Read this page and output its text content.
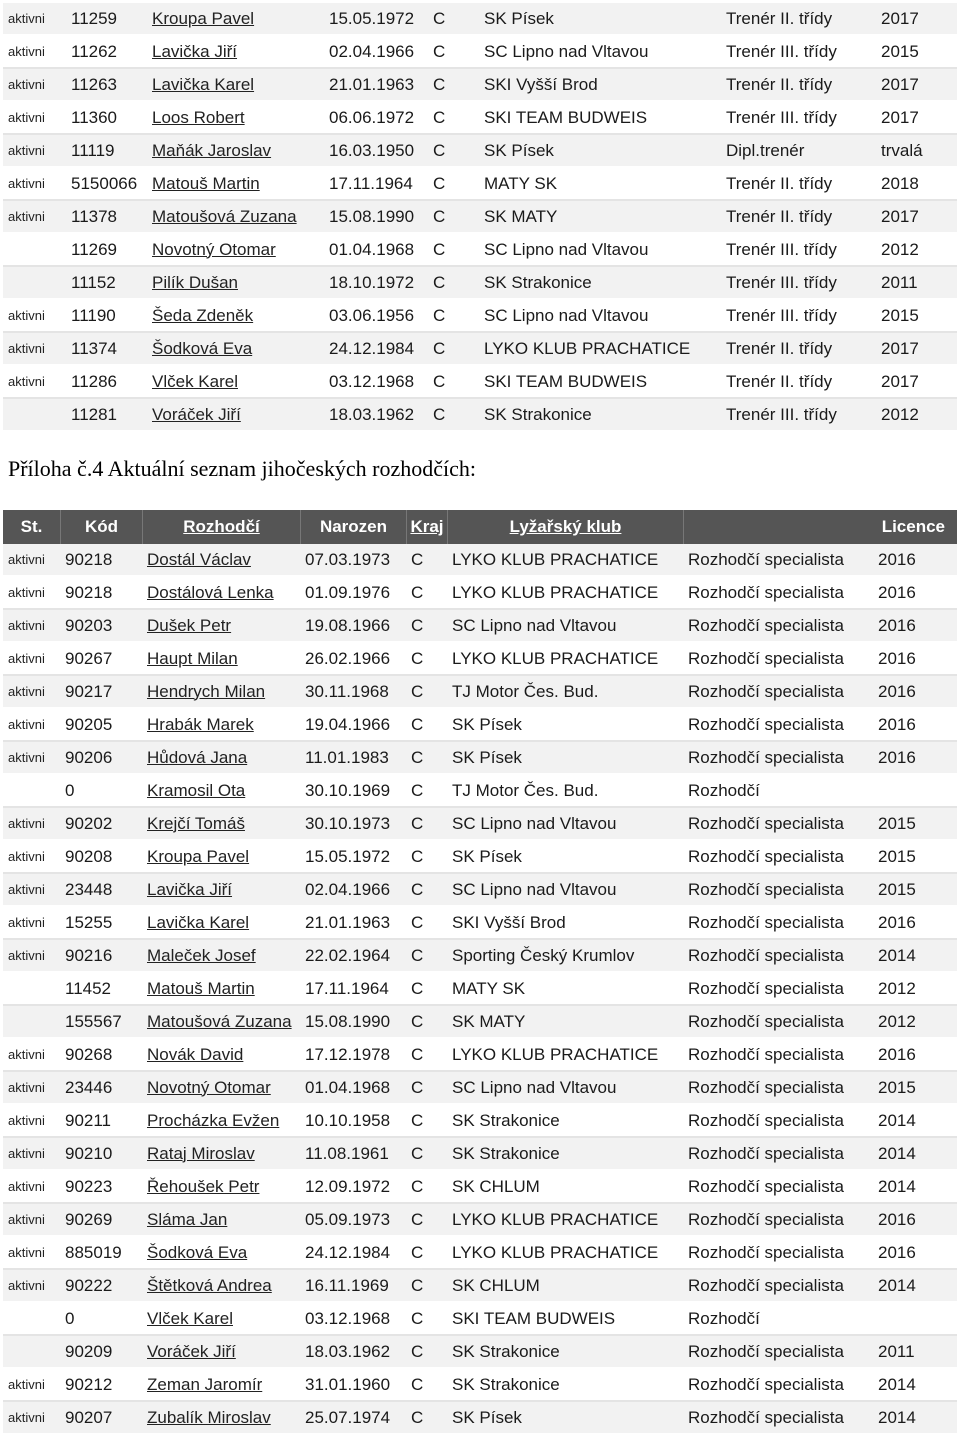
aktivni	11259	Kroupa Pavel	15.05.1972	C	SK Písek	Trenér II. třídy	2017
aktivni	11262	Lavička Jiří	02.04.1966	C	SC Lipno nad Vltavou	Trenér III. třídy	2015
aktivni	11263	Lavička Karel	21.01.1963	C	SKI Vyšší Brod	Trenér II. třídy	2017
aktivni	11360	Loos Robert	06.06.1972	C	SKI TEAM BUDWEIS	Trenér III. třídy	2017
aktivni	11119	Maňák Jaroslav	16.03.1950	C	SK Písek	Dipl.trenér	trvalá
aktivni	5150066	Matouš Martin	17.11.1964	C	MATY SK	Trenér II. třídy	2018
aktivni	11378	Matoušová Zuzana	15.08.1990	C	SK MATY	Trenér II. třídy	2017
	11269	Novotný Otomar	01.04.1968	C	SC Lipno nad Vltavou	Trenér III. třídy	2012
	11152	Pilík Dušan	18.10.1972	C	SK Strakonice	Trenér III. třídy	2011
aktivni	11190	Šeda Zdeněk	03.06.1956	C	SC Lipno nad Vltavou	Trenér III. třídy	2015
aktivni	11374	Šodková Eva	24.12.1984	C	LYKO KLUB PRACHATICE	Trenér II. třídy	2017
aktivni	11286	Vlček Karel	03.12.1968	C	SKI TEAM BUDWEIS	Trenér II. třídy	2017
	11281	Voráček Jiří	18.03.1962	C	SK Strakonice	Trenér III. třídy	2012
Příloha č.4 Aktuální seznam jihočeských rozhodčích:
St.	Kód	Rozhodčí	Narozen	Kraj	Lyžařský klub	Licence	
aktivni	90218	Dostál Václav	07.03.1973	C	LYKO KLUB PRACHATICE	Rozhodčí specialista	2016
aktivni	90218	Dostálová Lenka	01.09.1976	C	LYKO KLUB PRACHATICE	Rozhodčí specialista	2016
aktivni	90203	Dušek Petr	19.08.1966	C	SC Lipno nad Vltavou	Rozhodčí specialista	2016
aktivni	90267	Haupt Milan	26.02.1966	C	LYKO KLUB PRACHATICE	Rozhodčí specialista	2016
aktivni	90217	Hendrych Milan	30.11.1968	C	TJ Motor Čes. Bud.	Rozhodčí specialista	2016
aktivni	90205	Hrabák Marek	19.04.1966	C	SK Písek	Rozhodčí specialista	2016
aktivni	90206	Hůdová Jana	11.01.1983	C	SK Písek	Rozhodčí specialista	2016
	0	Kramosil Ota	30.10.1969	C	TJ Motor Čes. Bud.	Rozhodčí	
aktivni	90202	Krejčí Tomáš	30.10.1973	C	SC Lipno nad Vltavou	Rozhodčí specialista	2015
aktivni	90208	Kroupa Pavel	15.05.1972	C	SK Písek	Rozhodčí specialista	2015
aktivni	23448	Lavička Jiří	02.04.1966	C	SC Lipno nad Vltavou	Rozhodčí specialista	2015
aktivni	15255	Lavička Karel	21.01.1963	C	SKI Vyšší Brod	Rozhodčí specialista	2016
aktivni	90216	Maleček Josef	22.02.1964	C	Sporting Český Krumlov	Rozhodčí specialista	2014
	11452	Matouš Martin	17.11.1964	C	MATY SK	Rozhodčí specialista	2012
	155567	Matoušová Zuzana	15.08.1990	C	SK MATY	Rozhodčí specialista	2012
aktivni	90268	Novák David	17.12.1978	C	LYKO KLUB PRACHATICE	Rozhodčí specialista	2016
aktivni	23446	Novotný Otomar	01.04.1968	C	SC Lipno nad Vltavou	Rozhodčí specialista	2015
aktivni	90211	Procházka Evžen	10.10.1958	C	SK Strakonice	Rozhodčí specialista	2014
aktivni	90210	Rataj Miroslav	11.08.1961	C	SK Strakonice	Rozhodčí specialista	2014
aktivni	90223	Řehoušek Petr	12.09.1972	C	SK CHLUM	Rozhodčí specialista	2014
aktivni	90269	Sláma Jan	05.09.1973	C	LYKO KLUB PRACHATICE	Rozhodčí specialista	2016
aktivni	885019	Šodková Eva	24.12.1984	C	LYKO KLUB PRACHATICE	Rozhodčí specialista	2016
aktivni	90222	Štětková Andrea	16.11.1969	C	SK CHLUM	Rozhodčí specialista	2014
	0	Vlček Karel	03.12.1968	C	SKI TEAM BUDWEIS	Rozhodčí	
	90209	Voráček Jiří	18.03.1962	C	SK Strakonice	Rozhodčí specialista	2011
aktivni	90212	Zeman Jaromír	31.01.1960	C	SK Strakonice	Rozhodčí specialista	2014
aktivni	90207	Zubalík Miroslav	25.07.1974	C	SK Písek	Rozhodčí specialista	2014
